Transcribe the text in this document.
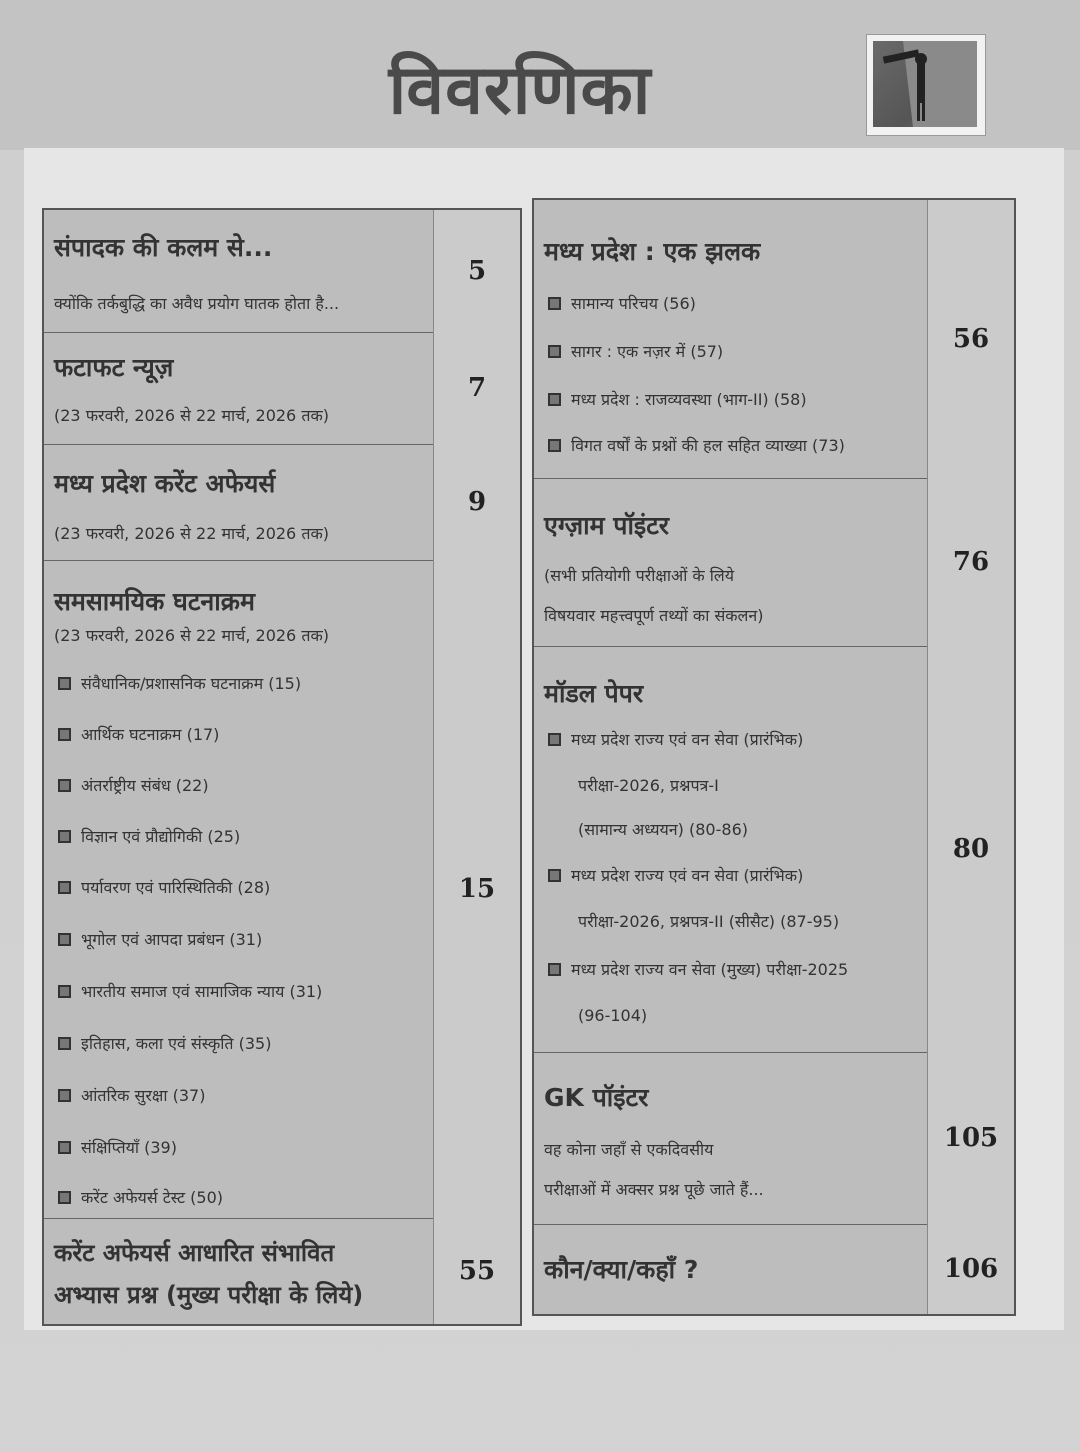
विवरणिका
संपादक की कलम से...
क्योंकि तर्कबुद्धि का अवैध प्रयोग घातक होता है...
5
फटाफट न्यूज़
(23 फरवरी, 2026 से 22 मार्च, 2026 तक)
7
मध्य प्रदेश करेंट अफेयर्स
(23 फरवरी, 2026 से 22 मार्च, 2026 तक)
9
समसामयिक घटनाक्रम
(23 फरवरी, 2026 से 22 मार्च, 2026 तक)
संवैधानिक/प्रशासनिक घटनाक्रम (15)
आर्थिक घटनाक्रम (17)
अंतर्राष्ट्रीय संबंध (22)
विज्ञान एवं प्रौद्योगिकी (25)
पर्यावरण एवं पारिस्थितिकी (28)
भूगोल एवं आपदा प्रबंधन (31)
भारतीय समाज एवं सामाजिक न्याय (31)
इतिहास, कला एवं संस्कृति (35)
आंतरिक सुरक्षा (37)
संक्षिप्तियाँ (39)
करेंट अफेयर्स टेस्ट (50)
15
करेंट अफेयर्स आधारित संभावित
अभ्यास प्रश्न (मुख्य परीक्षा के लिये)
55
मध्य प्रदेश : एक झलक
सामान्य परिचय (56)
सागर : एक नज़र में (57)
मध्य प्रदेश : राजव्यवस्था (भाग-II) (58)
विगत वर्षों के प्रश्नों की हल सहित व्याख्या (73)
56
एग्ज़ाम पॉइंटर
(सभी प्रतियोगी परीक्षाओं के लिये
विषयवार महत्त्वपूर्ण तथ्यों का संकलन)
76
मॉडल पेपर
मध्य प्रदेश राज्य एवं वन सेवा (प्रारंभिक)
परीक्षा-2026, प्रश्नपत्र-I
(सामान्य अध्ययन) (80-86)
मध्य प्रदेश राज्य एवं वन सेवा (प्रारंभिक)
परीक्षा-2026, प्रश्नपत्र-II (सीसैट) (87-95)
मध्य प्रदेश राज्य वन सेवा (मुख्य) परीक्षा-2025
(96-104)
80
GK पॉइंटर
वह कोना जहाँ से एकदिवसीय
परीक्षाओं में अक्सर प्रश्न पूछे जाते हैं...
105
कौन/क्या/कहाँ ?	106
